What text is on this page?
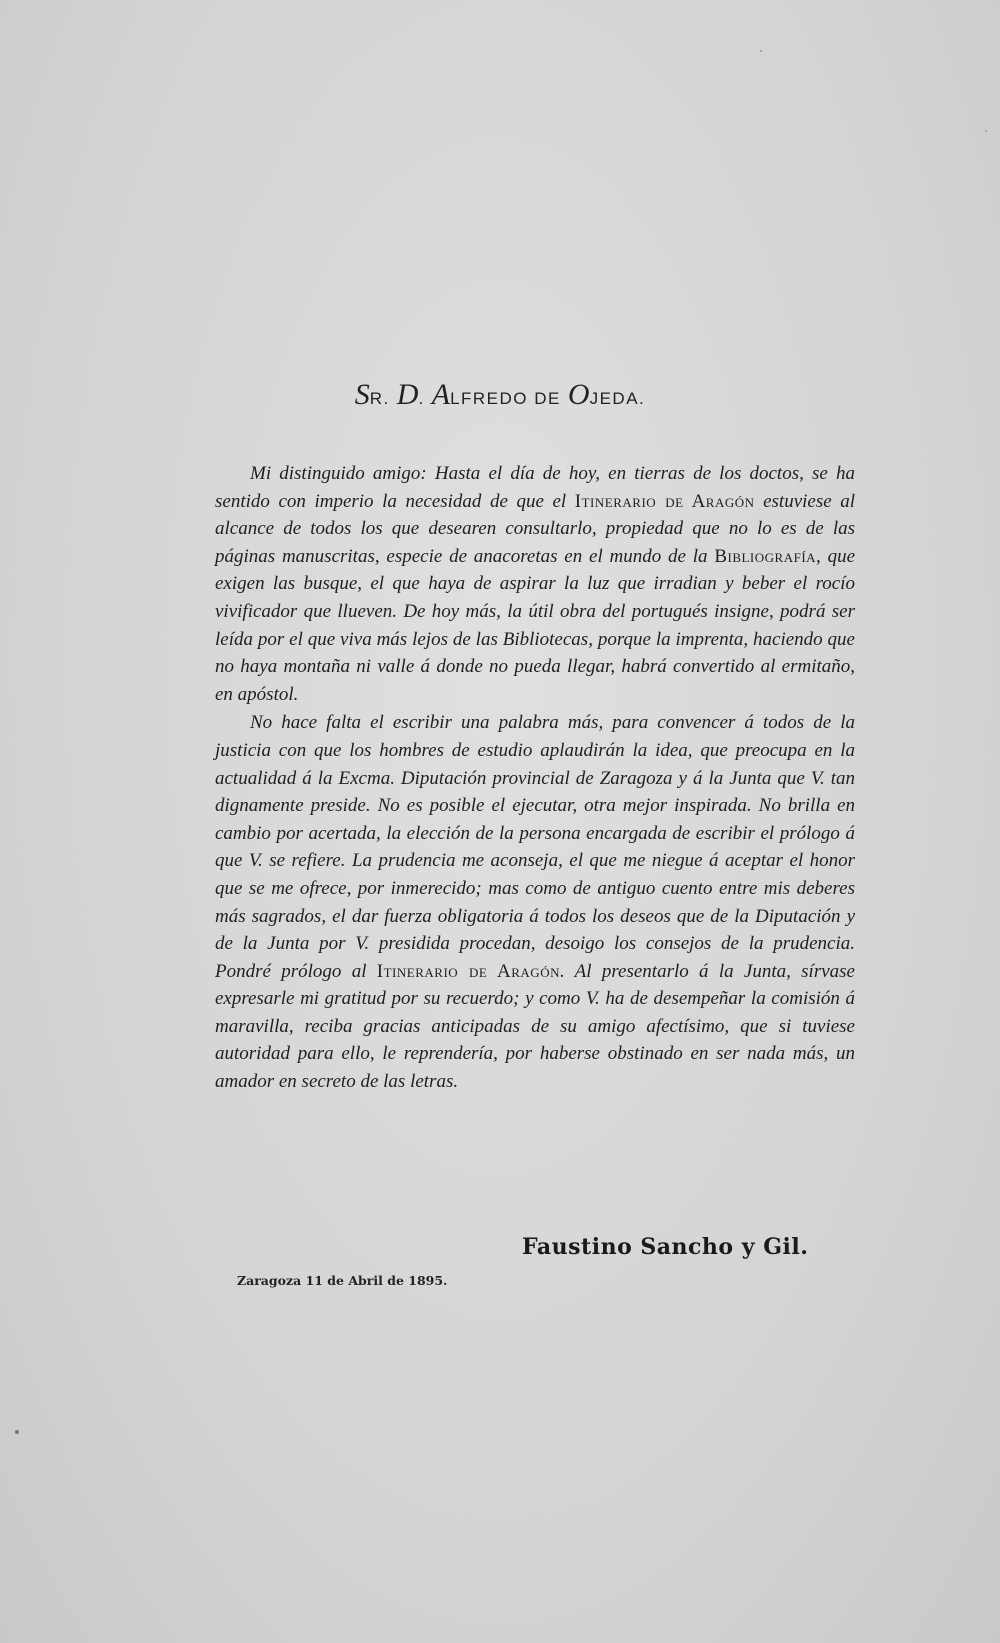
SR. D. ALFREDO DE OJEDA.

Mi distinguido amigo: Hasta el día de hoy, en tierras de los doctos, se ha sentido con imperio la necesidad de que el Itinerario de Aragón estuviese al alcance de todos los que desearen consultarlo, propiedad que no lo es de las páginas manuscritas, especie de anacoretas en el mundo de la Bibliografía, que exigen las busque, el que haya de aspirar la luz que irradian y beber el rocío vivificador que llueven. De hoy más, la útil obra del portugués insigne, podrá ser leída por el que viva más lejos de las Bibliotecas, porque la imprenta, haciendo que no haya montaña ni valle á donde no pueda llegar, habrá convertido al ermitaño, en apóstol.

No hace falta el escribir una palabra más, para convencer á todos de la justicia con que los hombres de estudio aplaudirán la idea, que preocupa en la actualidad á la Excma. Diputación provincial de Zaragoza y á la Junta que V. tan dignamente preside. No es posible el ejecutar, otra mejor inspirada. No brilla en cambio por acertada, la elección de la persona encargada de escribir el prólogo á que V. se refiere. La prudencia me aconseja, el que me niegue á aceptar el honor que se me ofrece, por inmerecido; mas como de antiguo cuento entre mis deberes más sagrados, el dar fuerza obligatoria á todos los deseos que de la Diputación y de la Junta por V. presidida procedan, desoigo los consejos de la prudencia. Pondré prólogo al Itinerario de Aragón. Al presentarlo á la Junta, sírvase expresarle mi gratitud por su recuerdo; y como V. ha de desempeñar la comisión á maravilla, reciba gracias anticipadas de su amigo afectísimo, que si tuviese autoridad para ello, le reprendería, por haberse obstinado en ser nada más, un amador en secreto de las letras.

Faustino Sancho y Gil.
Zaragoza 11 de Abril de 1895.
